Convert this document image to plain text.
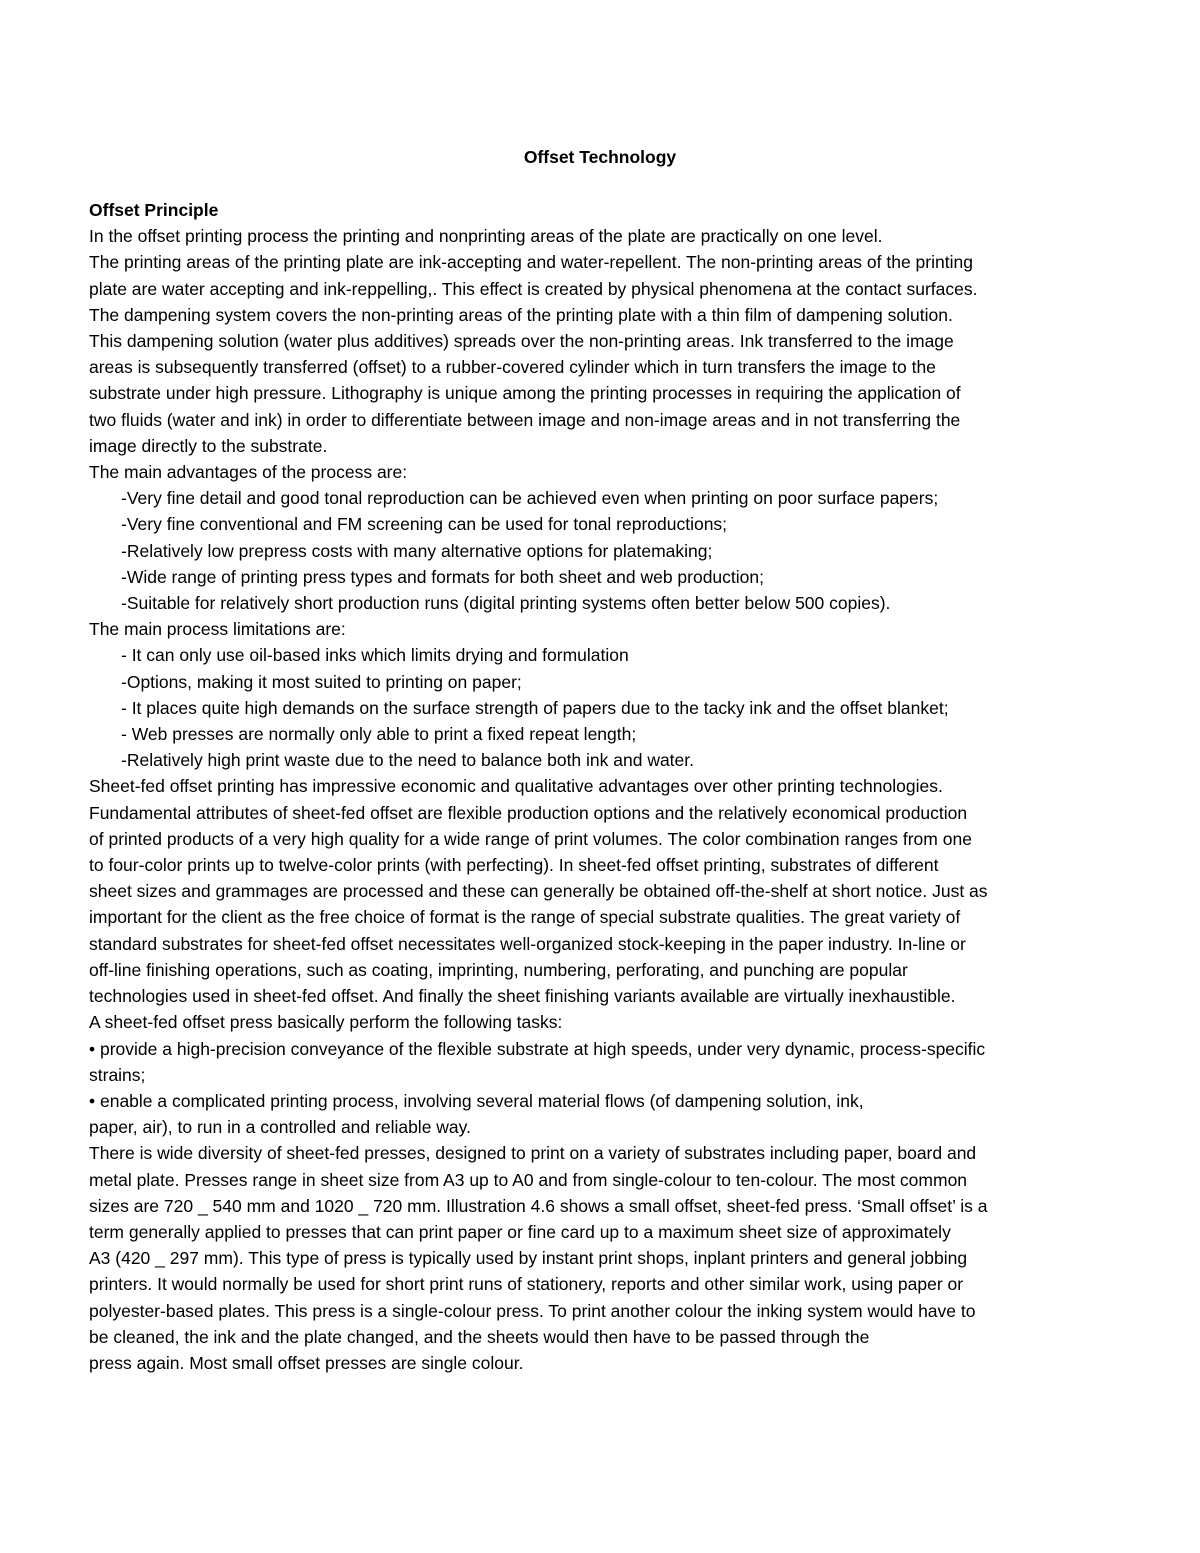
Offset Technology
Offset Principle
In the offset printing process the printing and nonprinting areas of the plate are practically on one level.
The printing areas of the printing plate are ink-accepting and water-repellent. The non-printing areas of the printing
plate are water accepting and ink-reppelling,. This effect is created by physical phenomena at the contact surfaces.
The dampening system covers the non-printing areas of the printing plate with a thin film of dampening solution.
This dampening solution (water plus additives) spreads over the non-printing areas. Ink transferred to the image
areas is subsequently transferred (offset) to a rubber-covered cylinder which in turn transfers the image to the
substrate under high pressure. Lithography is unique among the printing processes in requiring the application of
two fluids (water and ink) in order to differentiate between image and non-image areas and in not transferring the
image directly to the substrate.
The main advantages of the process are:
-Very fine detail and good tonal reproduction can be achieved even when printing on poor surface papers;
-Very fine conventional and FM screening can be used for tonal reproductions;
-Relatively low prepress costs with many alternative options for platemaking;
-Wide range of printing press types and formats for both sheet and web production;
-Suitable for relatively short production runs (digital printing systems often better below 500 copies).
The main process limitations are:
- It can only use oil-based inks which limits drying and formulation
-Options, making it most suited to printing on paper;
- It places quite high demands on the surface strength of papers due to the tacky ink and the offset blanket;
- Web presses are normally only able to print a fixed repeat length;
-Relatively high print waste due to the need to balance both ink and water.
Sheet-fed offset printing has impressive economic and qualitative advantages over other printing technologies.
Fundamental attributes of sheet-fed offset are flexible production options and the relatively economical production
of printed products of a very high quality for a wide range of print volumes. The color combination ranges from one
to four-color prints up to twelve-color prints (with perfecting). In sheet-fed offset printing, substrates of different
sheet sizes and grammages are processed and these can generally be obtained off-the-shelf at short notice. Just as
important for the client as the free choice of format is the range of special substrate qualities. The great variety of
standard substrates for sheet-fed offset necessitates well-organized stock-keeping in the paper industry. In-line or
off-line finishing operations, such as coating, imprinting, numbering, perforating, and punching are popular
technologies used in sheet-fed offset. And finally the sheet finishing variants available are virtually inexhaustible.
A sheet-fed offset press basically perform the following tasks:
• provide a high-precision conveyance of the flexible substrate at high speeds, under very dynamic, process-specific
strains;
• enable a complicated printing process, involving several material flows (of dampening solution, ink,
paper, air), to run in a controlled and reliable way.
There is wide diversity of sheet-fed presses, designed to print on a variety of substrates including paper, board and
metal plate. Presses range in sheet size from A3 up to A0 and from single-colour to ten-colour. The most common
sizes are 720 _ 540 mm and 1020 _ 720 mm. Illustration 4.6 shows a small offset, sheet-fed press. ‘Small offset’ is a
term generally applied to presses that can print paper or fine card up to a maximum sheet size of approximately
A3 (420 _ 297 mm). This type of press is typically used by instant print shops, inplant printers and general jobbing
printers. It would normally be used for short print runs of stationery, reports and other similar work, using paper or
polyester-based plates. This press is a single-colour press. To print another colour the inking system would have to
be cleaned, the ink and the plate changed, and the sheets would then have to be passed through the
press again. Most small offset presses are single colour.
